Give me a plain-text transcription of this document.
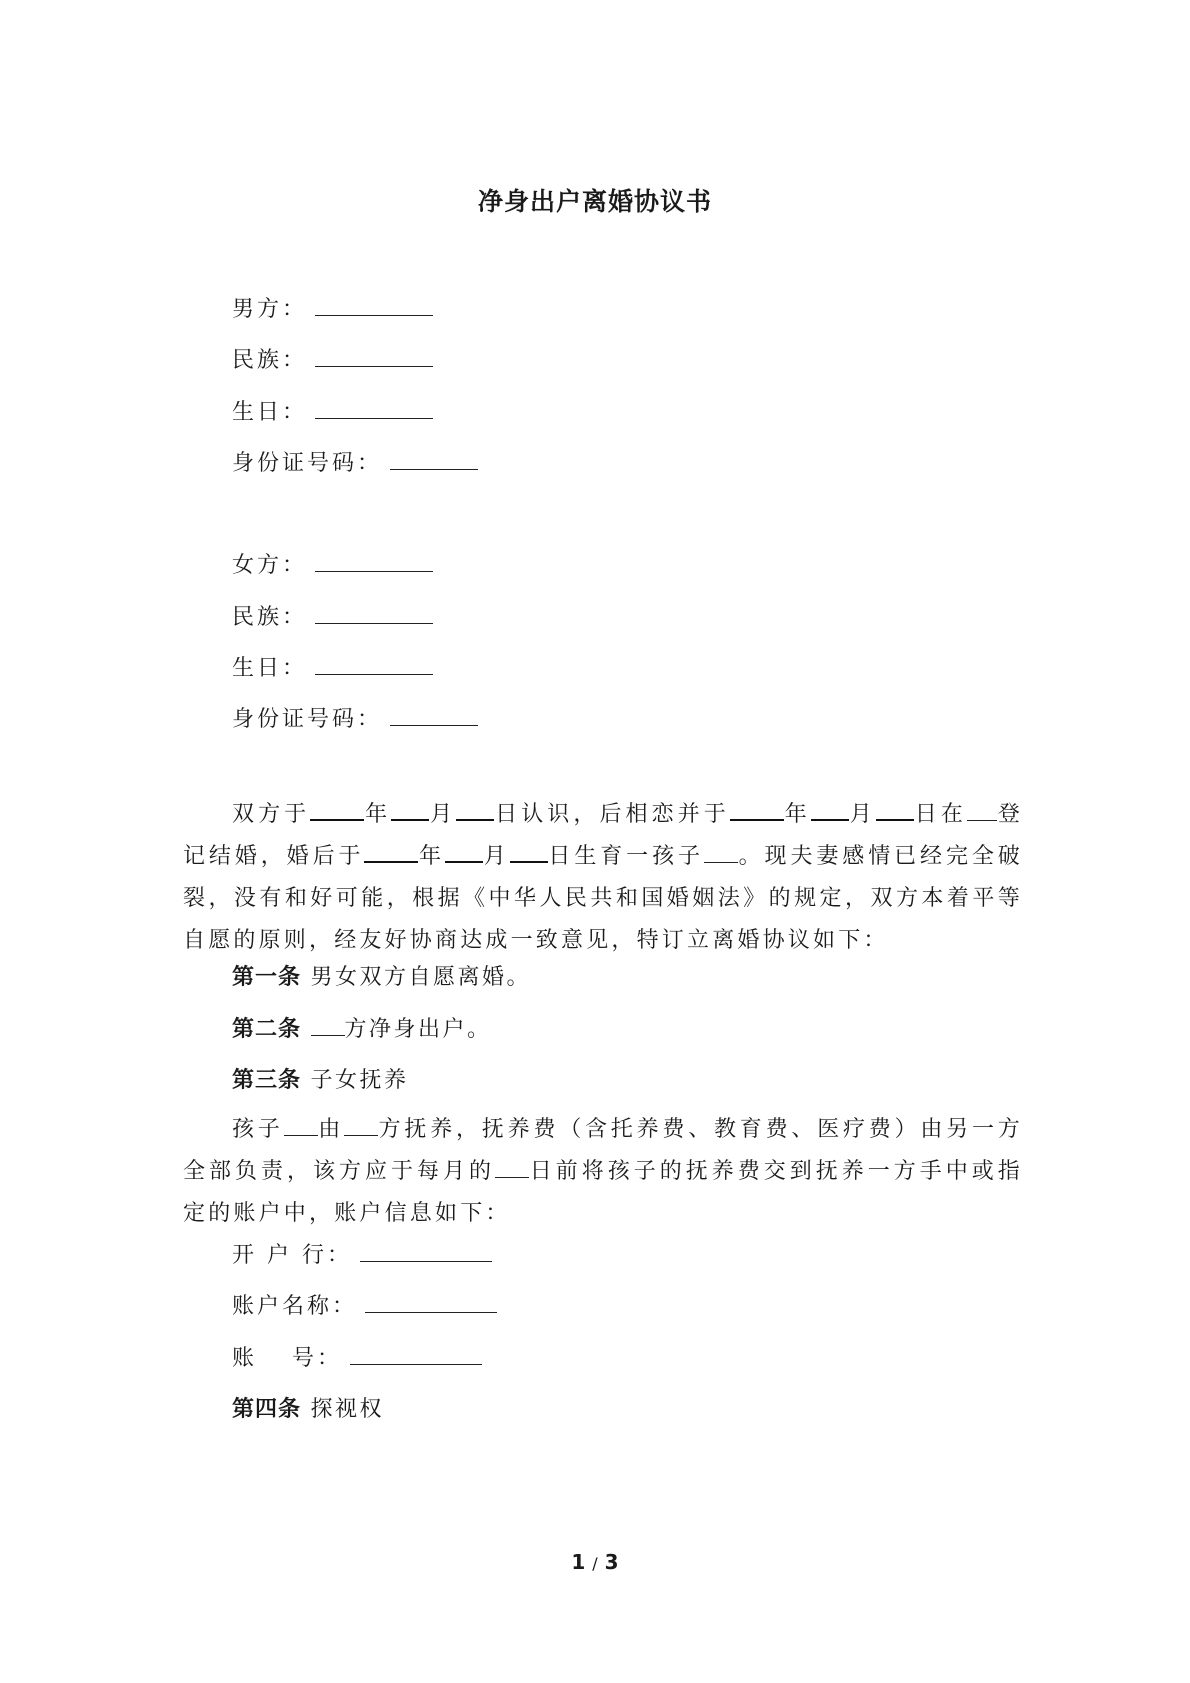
净身出户离婚协议书
男方：
民族：
生日：
身份证号码：
女方：
民族：
生日：
身份证号码：
双方于 年 月 日认识，后相恋并于 年 月 日在 登记结婚，婚后于 年 月 日生育一孩子 。现夫妻感情已经完全破裂，没有和好可能，根据《中华人民共和国婚姻法》的规定，双方本着平等自愿的原则，经友好协商达成一致意见，特订立离婚协议如下：
第一条 男女双方自愿离婚。
第二条 方净身出户。
第三条 子女抚养
孩子 由 方抚养，抚养费（含托养费、教育费、医疗费）由另一方全部负责，该方应于每月的 日前将孩子的抚养费交到抚养一方手中或指定的账户中，账户信息如下：
开 户 行：
账户名称：
账　 号：
第四条 探视权
1 / 3
